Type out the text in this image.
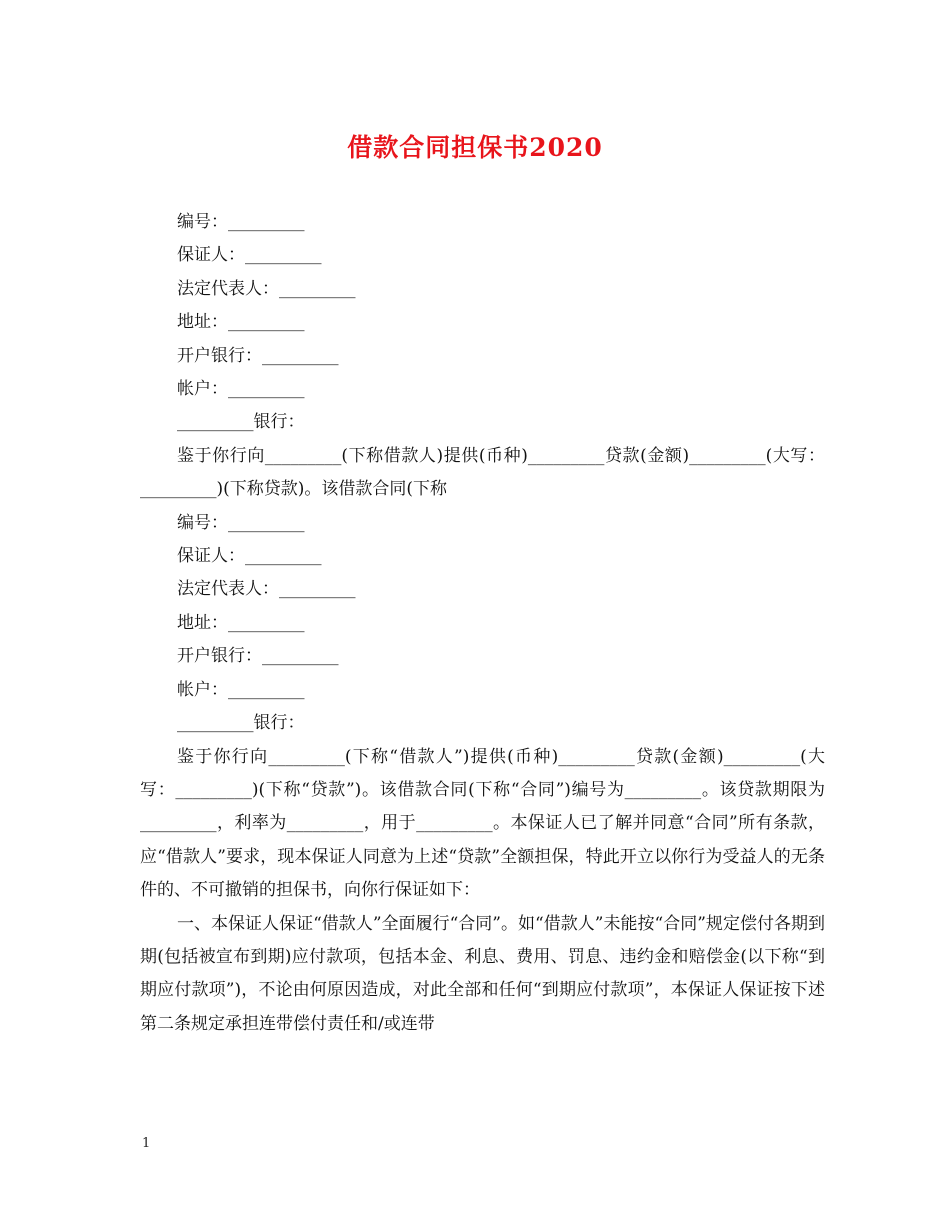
借款合同担保书2020
编号：_________
保证人：_________
法定代表人：_________
地址：_________
开户银行：_________
帐户：_________
_________银行：

鉴于你行向_________(下称借款人)提供(币种)_________贷款(金额)_________(大写：_________)(下称贷款)。该借款合同(下称

编号：_________
保证人：_________
法定代表人：_________
地址：_________
开户银行：_________
帐户：_________
_________银行：

鉴于你行向_________(下称“借款人”)提供(币种)_________贷款(金额)_________(大写：_________)(下称“贷款”)。该借款合同(下称“合同”)编号为_________。该贷款期限为_________，利率为_________，用于_________。本保证人已了解并同意“合同”所有条款，应“借款人”要求，现本保证人同意为上述“贷款”全额担保，特此开立以你行为受益人的无条件的、不可撤销的担保书，向你行保证如下：

一、本保证人保证“借款人”全面履行“合同”。如“借款人”未能按“合同”规定偿付各期到期(包括被宣布到期)应付款项，包括本金、利息、费用、罚息、违约金和赔偿金(以下称“到期应付款项”)，不论由何原因造成，对此全部和任何“到期应付款项”，本保证人保证按下述第二条规定承担连带偿付责任和/或连带

1
